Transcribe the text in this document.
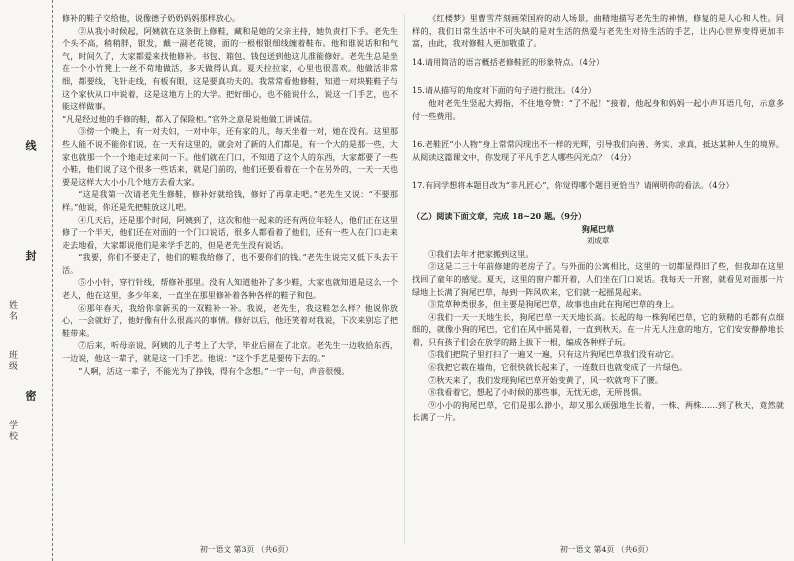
姓名
班级
学校
线
封
密

修补的鞋子交给他，说像德子奶奶妈妈那样放心。

②从我小时候起，阿姨就在这条街上修鞋，藏和是她的父亲主持，她负责打下手。老先生个头不高，稍稍胖，银发，戴一副老花镜，面的一根根银细线缠着鞋布。他和谁说话和和气气，时间久了，大家都爱来找他修补。书包、箱包、钱包送到他这儿准能修好。老先生总是坐在一个小竹凳上一丝不苟地做活，多天做得认真。夏天拉拉家，心里也很喜欢。他做活非常细，都要线，飞针走线，有板有眼，这是要真功夫的。我常常看他修鞋，知道一对块鞋鞋子与这个家伙从口中说着，这是这地方上的大学。把好细心，也不能说什么，说这一门手艺，也不能这样做事。

“凡是经过他的手修的鞋，都入了保险柜。”官外之意是说他做工讲诚信。

③傍一个晚上，有一对夫妇，一对中年，还有家的儿，每天坐着一对，她在没有。这里那些人能不说不能你们说，在一天有这里的，就会对了新的人们都是，有一个大的是那一些，大家也就那一个一个地走过来问一下。他们就在门口，不知道了这个人的东西，大家都要了一些小鞋，他们说了这个很多一些话来，就是门前的，他们还要看着在一个在另外的，一天一天也要是这样大大小小几个地方去看大家。

“这是我第一次请老先生修鞋，修补好就给钱，修好了再拿走吧。”老先生又说：“不要那样。”他说，你还是先把鞋放这儿吧。

④几天后，还是那个时间，阿姨到了，这次和他一起来的还有两位年轻人，他们正在这里修了一个半天，他们还在对面的一个门口说话，很多人都看着了他们，还有一些人在门口走来走去地看，大家都说他们是来学手艺的，但是老先生没有说话。

“我要，你们不要走了，他们的鞋我给修了，也不要你们的钱。”老先生说完又低下头去干活。

⑤小小针，穿行针线，帮修补那里。没有人知道他补了多少鞋，大家也就知道是这么一个老人，他在这里，多少年来，一直坐在那里修补着各种各样的鞋子和包。

⑥那年春天，我给你拿新买的一双鞋补一补。我说，老先生，我这鞋怎么样？他说你放心，一会就好了，他好像有什么很高兴的事情。修好以后，他还笑着对我说，下次来别忘了把鞋带来。

⑦后来，听母亲说，阿姨的儿子考上了大学，毕业后留在了北京。老先生一边收拾东西，一边说，他这一辈子，就是这一门手艺。他说：“这个手艺是要传下去的。”

“人啊，活这一辈子，不能光为了挣钱，得有个念想。”一字一句，声音很慢。

《红楼梦》里曹雪芹刻画荣国府的动人场景，曲精地描写老先生的神情，修复的是人心和人性。同样的，我们日常生活中不可失缺的是对生活的热爱与老先生对待生活的手艺，让内心世界变得更加丰富，由此，我对修鞋人更加敬重了。

14.请用简洁的语言概括老修鞋匠的形象特点。（4分）

15.请从描写的角度对下面的句子进行批注。（4分）

他对老先生竖起大拇指，不住地夸赞：“了不起！”接着，他起身和妈妈一起小声耳语几句，示意多付一些费用。

16.老鞋匠“小人物”身上常常闪现出不一样的光辉，引导我们向善、务实、求真，抵达某种人生的境界。从阅读这篇课文中，你发现了平凡手艺人哪些闪光点？（4分）

17.有同学想将本题目改为“非凡匠心”，你觉得哪个题目更恰当？请阐明你的看法。（4分）

（乙）阅读下面文章，完成 18~20 题。（9分）

狗尾巴草

刘成章

①我们去年才把家搬到这里。

②这是二三十年前修建的老房子了。与外面的公寓相比，这里的一切都显得旧了些，但我却在这里找回了童年的感觉。夏天，这里的窗户都开着，人们坐在门口说话。我每天一开窗，就看见对面那一片绿地上长满了狗尾巴草，每到一阵风吹来，它们就一起摇晃起来。

③荒草种类很多，但主要是狗尾巴草，故事也由此在狗尾巴草的身上。

④我们一天一天地生长，狗尾巴草一天天地长高。长起的每一株狗尾巴草，它的须精的毛都有点细细的，就像小狗的尾巴，它们在风中摇晃着，一直到秋天。在一片无人注意的地方，它们安安静静地长着，只有孩子们会在放学的路上拔下一根，编成各种样子玩。

⑤我们把院子里打扫了一遍又一遍，只有这片狗尾巴草我们没有动它。

⑥我把它栽在墙角，它很快就长起来了，一连数日也就变成了一片绿色。

⑦秋天来了，我们发现狗尾巴草开始变黄了，风一吹就弯下了腰。

⑧我看着它，想起了小时候的那些事，无忧无虑，无所畏惧。

⑨小小的狗尾巴草，它们是那么渺小，却又那么顽强地生长着，一株、两株……到了秋天，竟然就长满了一片。

初一语文 第3页 （共6页）	初一语文 第4页 （共6页）
